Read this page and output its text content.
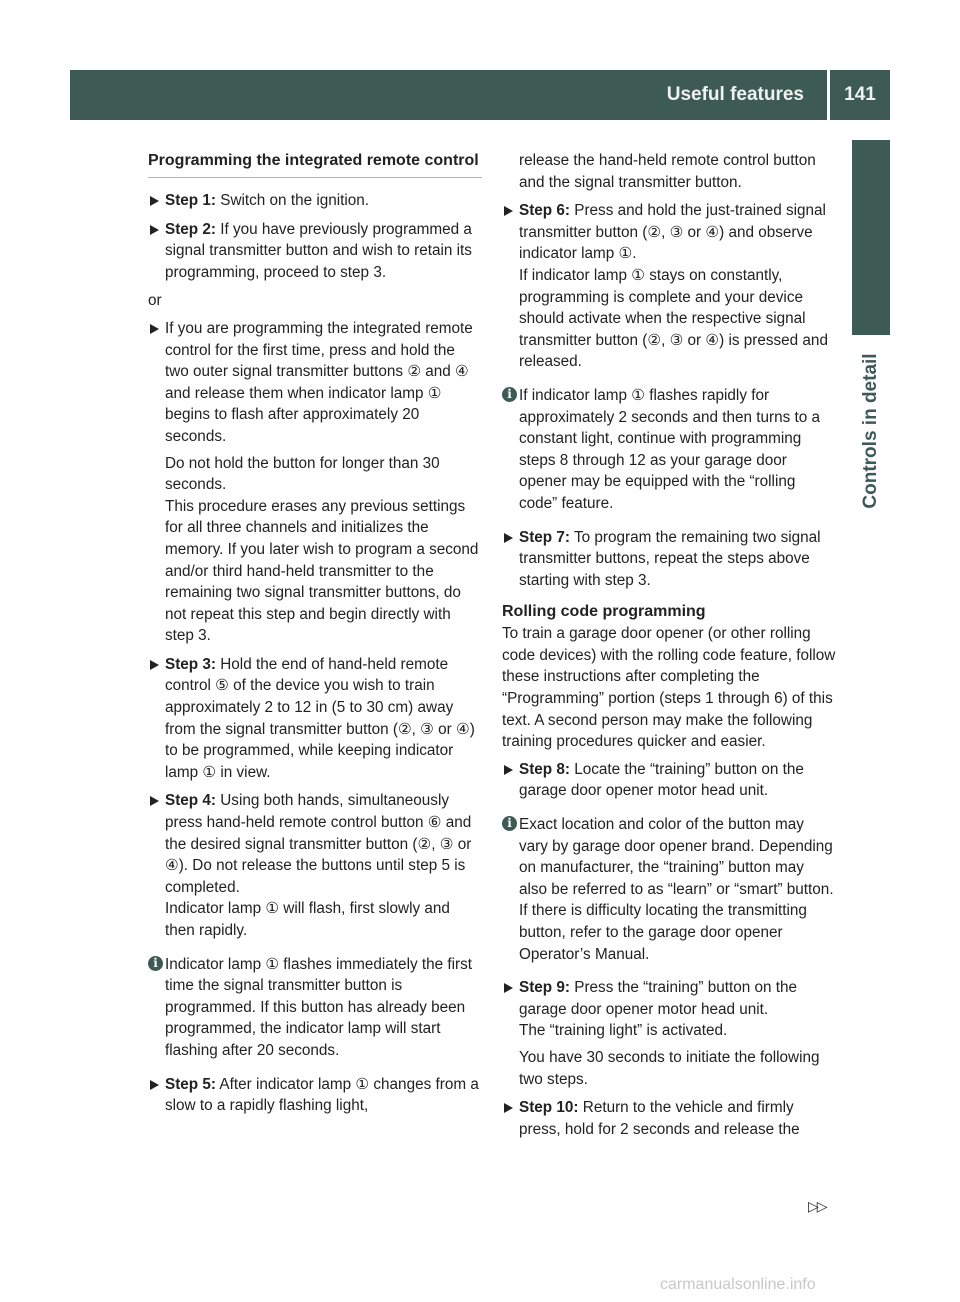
Useful features	141
Controls in detail
Programming the integrated remote control

Step 1: Switch on the ignition.

Step 2: If you have previously programmed a signal transmitter button and wish to retain its programming, proceed to step 3.

or

If you are programming the integrated remote control for the first time, press and hold the two outer signal transmitter buttons ② and ④ and release them when indicator lamp ① begins to flash after approximately 20 seconds.

Do not hold the button for longer than 30 seconds.

This procedure erases any previous settings for all three channels and initializes the memory. If you later wish to program a second and/or third hand-held transmitter to the remaining two signal transmitter buttons, do not repeat this step and begin directly with step 3.

Step 3: Hold the end of hand-held remote control ⑤ of the device you wish to train approximately 2 to 12 in (5 to 30 cm) away from the signal transmitter button (②, ③ or ④) to be programmed, while keeping indicator lamp ① in view.

Step 4: Using both hands, simultaneously press hand-held remote control button ⑥ and the desired signal transmitter button (②, ③ or ④). Do not release the buttons until step 5 is completed.

Indicator lamp ① will flash, first slowly and then rapidly.

i Indicator lamp ① flashes immediately the first time the signal transmitter button is programmed. If this button has already been programmed, the indicator lamp will start flashing after 20 seconds.

Step 5: After indicator lamp ① changes from a slow to a rapidly flashing light,

release the hand-held remote control button and the signal transmitter button.

Step 6: Press and hold the just-trained signal transmitter button (②, ③ or ④) and observe indicator lamp ①.

If indicator lamp ① stays on constantly, programming is complete and your device should activate when the respective signal transmitter button (②, ③ or ④) is pressed and released.

i If indicator lamp ① flashes rapidly for approximately 2 seconds and then turns to a constant light, continue with programming steps 8 through 12 as your garage door opener may be equipped with the “rolling code” feature.

Step 7: To program the remaining two signal transmitter buttons, repeat the steps above starting with step 3.

Rolling code programming

To train a garage door opener (or other rolling code devices) with the rolling code feature, follow these instructions after completing the “Programming” portion (steps 1 through 6) of this text. A second person may make the following training procedures quicker and easier.

Step 8: Locate the “training” button on the garage door opener motor head unit.

i Exact location and color of the button may vary by garage door opener brand. Depending on manufacturer, the “training” button may also be referred to as “learn” or “smart” button. If there is difficulty locating the transmitting button, refer to the garage door opener Operator’s Manual.

Step 9: Press the “training” button on the garage door opener motor head unit.

The “training light” is activated.

You have 30 seconds to initiate the following two steps.

Step 10: Return to the vehicle and firmly press, hold for 2 seconds and release the

▷▷
carmanualsonline.info
